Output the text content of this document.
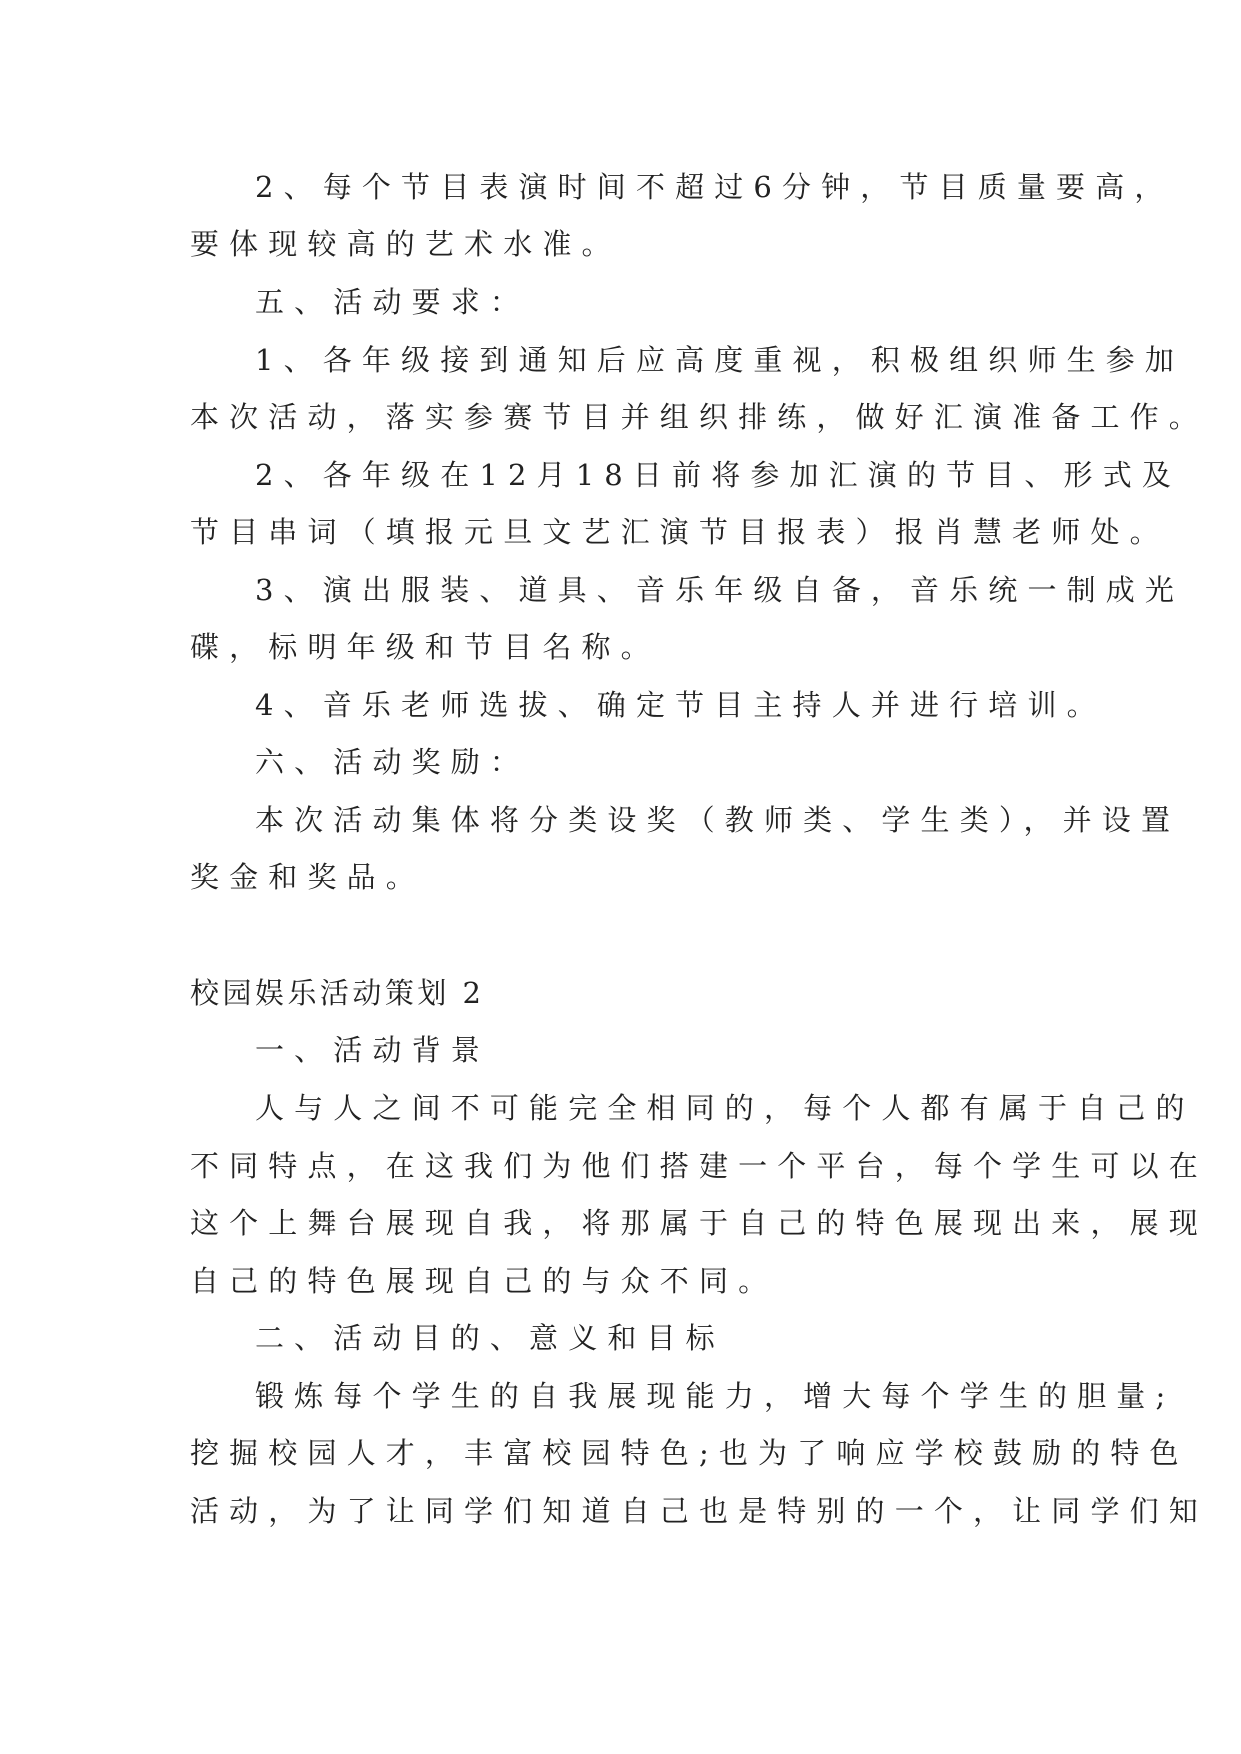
2、每个节目表演时间不超过6分钟，节目质量要高，
要体现较高的艺术水准。
五、活动要求：
1、各年级接到通知后应高度重视，积极组织师生参加
本次活动，落实参赛节目并组织排练，做好汇演准备工作。
2、各年级在12月18日前将参加汇演的节目、形式及
节目串词（填报元旦文艺汇演节目报表）报肖慧老师处。
3、演出服装、道具、音乐年级自备，音乐统一制成光
碟，标明年级和节目名称。
4、音乐老师选拔、确定节目主持人并进行培训。
六、活动奖励：
本次活动集体将分类设奖（教师类、学生类），并设置
奖金和奖品。
校园娱乐活动策划 2
一、活动背景
人与人之间不可能完全相同的，每个人都有属于自己的
不同特点，在这我们为他们搭建一个平台，每个学生可以在
这个上舞台展现自我，将那属于自己的特色展现出来，展现
自己的特色展现自己的与众不同。
二、活动目的、意义和目标
锻炼每个学生的自我展现能力，增大每个学生的胆量;
挖掘校园人才，丰富校园特色;也为了响应学校鼓励的特色
活动，为了让同学们知道自己也是特别的一个，让同学们知
